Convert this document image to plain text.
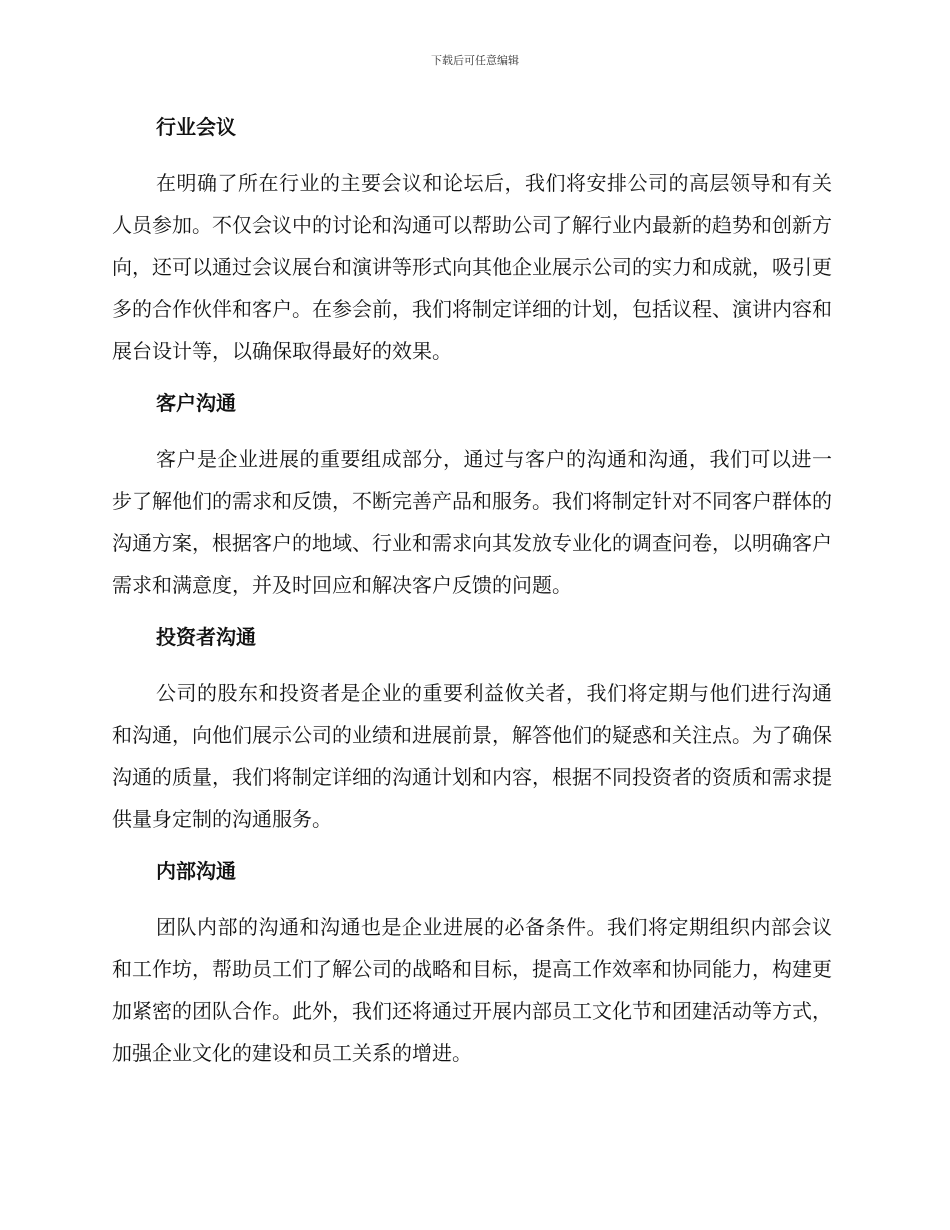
下载后可任意编辑
行业会议

在明确了所在行业的主要会议和论坛后，我们将安排公司的高层领导和有关人员参加。不仅会议中的讨论和沟通可以帮助公司了解行业内最新的趋势和创新方向，还可以通过会议展台和演讲等形式向其他企业展示公司的实力和成就，吸引更多的合作伙伴和客户。在参会前，我们将制定详细的计划，包括议程、演讲内容和展台设计等，以确保取得最好的效果。

客户沟通

客户是企业进展的重要组成部分，通过与客户的沟通和沟通，我们可以进一步了解他们的需求和反馈，不断完善产品和服务。我们将制定针对不同客户群体的沟通方案，根据客户的地域、行业和需求向其发放专业化的调查问卷，以明确客户需求和满意度，并及时回应和解决客户反馈的问题。

投资者沟通

公司的股东和投资者是企业的重要利益攸关者，我们将定期与他们进行沟通和沟通，向他们展示公司的业绩和进展前景，解答他们的疑惑和关注点。为了确保沟通的质量，我们将制定详细的沟通计划和内容，根据不同投资者的资质和需求提供量身定制的沟通服务。

内部沟通

团队内部的沟通和沟通也是企业进展的必备条件。我们将定期组织内部会议和工作坊，帮助员工们了解公司的战略和目标，提高工作效率和协同能力，构建更加紧密的团队合作。此外，我们还将通过开展内部员工文化节和团建活动等方式，加强企业文化的建设和员工关系的增进。
